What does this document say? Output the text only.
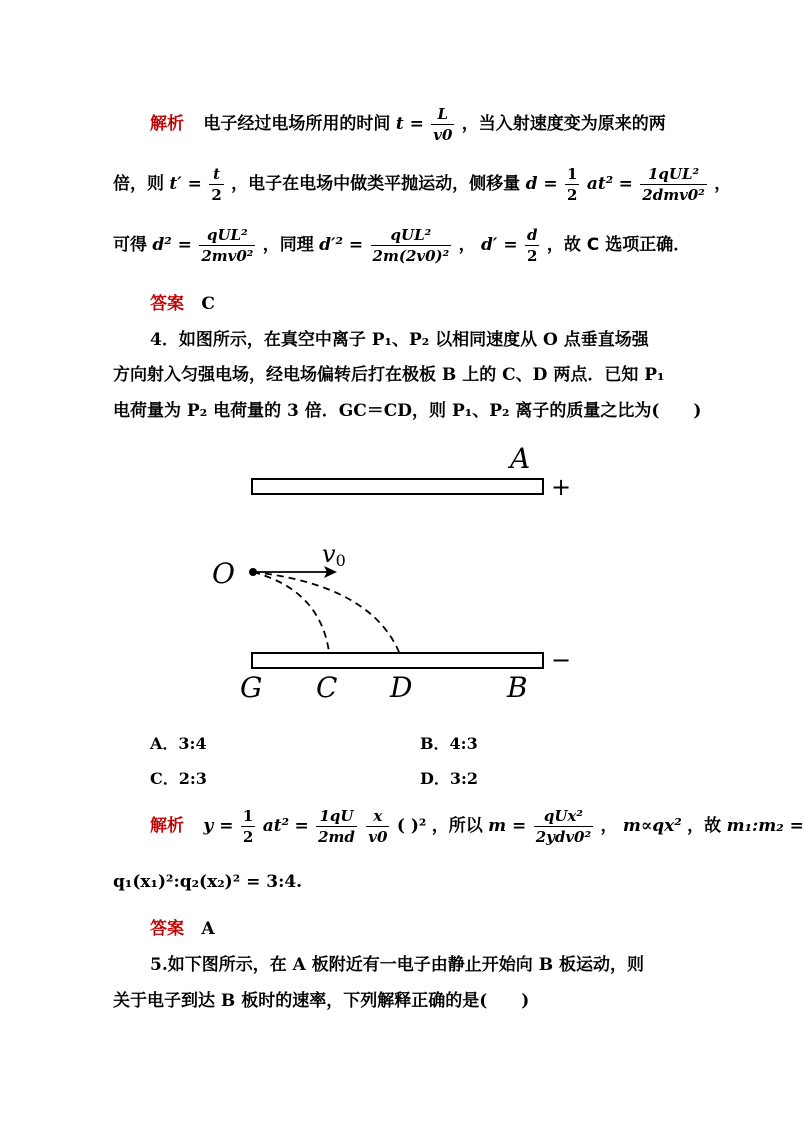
解析 电子经过电场所用的时间 $t = \frac{L}{v0}$ ，当入射速度变为原来的两
倍，则 $t' = \frac{t}{2}$ ，电子在电场中做类平抛运动，侧移量 $d = \frac{1}{2} at^2 = \frac{\text{1qUL²}}{\text{2dmv0²}}$ ，
可得 $d^2 = \frac{\text{qUL²}}{\text{2mv0²}}$ ，同理 $d'^2 = \frac{\text{qUL²}}{\text{2m(2v0)²}}$ ， $d' = \frac{d}{2}$ ，故 C 选项正确．
答案 C
4．如图所示，在真空中离子 P₁、P₂ 以相同速度从 O 点垂直场强
方向射入匀强电场，经电场偏转后打在极板 B 上的 C、D 两点．已知 P₁
电荷量为 P₂ 电荷量的 3 倍．GC＝CD，则 P₁、P₂ 离子的质量之比为(　　)
A
+
O
v0
−
G C D	B
A．3:4	B．4:3
C．2:3	D．3:2
解析 $y = \frac{1}{2} at^2 = \frac{1qU}{2md}$
$\frac{x}{v0}$ ( )² ，所以 $m = \frac{\text{qUx²}}{\text{2ydv0²}}$ ， m∝qx² ，故 m₁:m₂ =
q₁(x₁)²:q₂(x₂)² = 3:4.
答案 A
5.如下图所示，在 A 板附近有一电子由静止开始向 B 板运动，则
关于电子到达 B 板时的速率，下列解释正确的是(　　)
